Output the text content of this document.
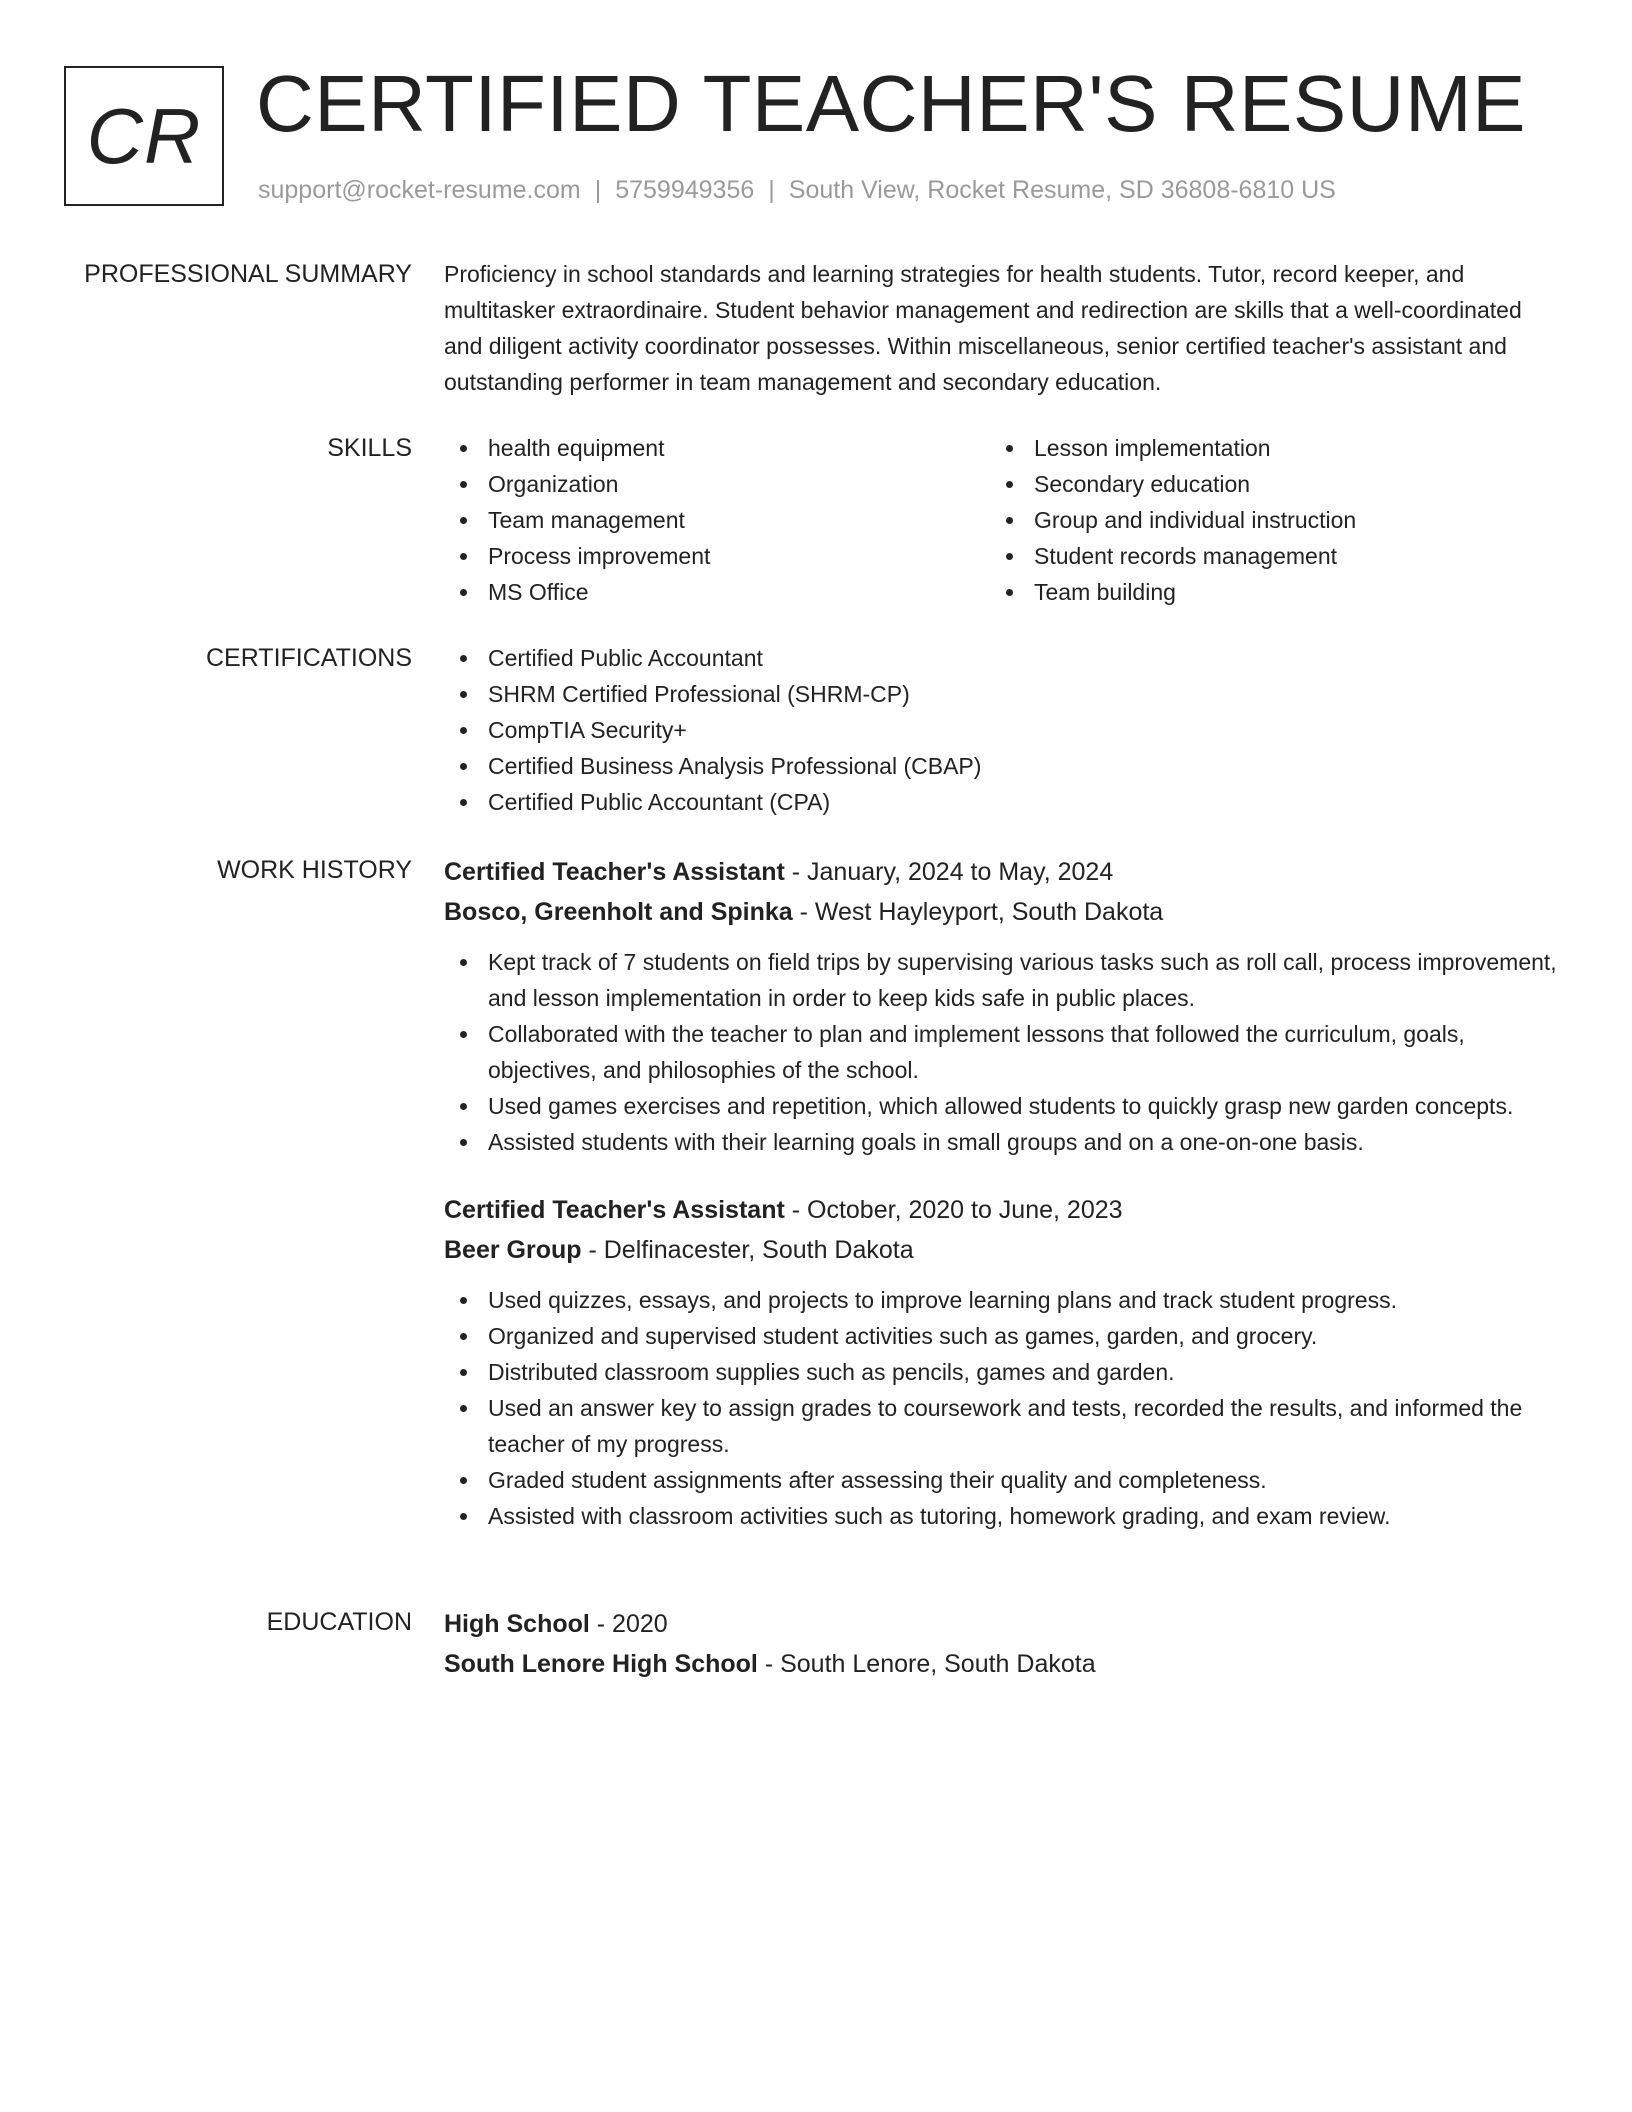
CR CERTIFIED TEACHER'S RESUME
support@rocket-resume.com | 5759949356 | South View, Rocket Resume, SD 36808-6810 US
PROFESSIONAL SUMMARY Proficiency in school standards and learning strategies for health students. Tutor, record keeper, and multitasker extraordinaire. Student behavior management and redirection are skills that a well-coordinated and diligent activity coordinator possesses. Within miscellaneous, senior certified teacher's assistant and outstanding performer in team management and secondary education.

SKILLS	health equipment
Organization
Team management
Process improvement
MS Office
Lesson implementation
Secondary education
Group and individual instruction
Student records management
Team building
CERTIFICATIONS	Certified Public Accountant
SHRM Certified Professional (SHRM-CP)
CompTIA Security+
Certified Business Analysis Professional (CBAP)
Certified Public Accountant (CPA)
WORK HISTORY Certified Teacher's Assistant - January, 2024 to May, 2024
Bosco, Greenholt and Spinka - West Hayleyport, South Dakota
Kept track of 7 students on field trips by supervising various tasks such as roll call, process improvement, and lesson implementation in order to keep kids safe in public places.
Collaborated with the teacher to plan and implement lessons that followed the curriculum, goals, objectives, and philosophies of the school.
Used games exercises and repetition, which allowed students to quickly grasp new garden concepts.
Assisted students with their learning goals in small groups and on a one-on-one basis.
Certified Teacher's Assistant - October, 2020 to June, 2023
Beer Group - Delfinacester, South Dakota
Used quizzes, essays, and projects to improve learning plans and track student progress.
Organized and supervised student activities such as games, garden, and grocery.
Distributed classroom supplies such as pencils, games and garden.
Used an answer key to assign grades to coursework and tests, recorded the results, and informed the teacher of my progress.
Graded student assignments after assessing their quality and completeness.
Assisted with classroom activities such as tutoring, homework grading, and exam review.
EDUCATION High School - 2020
South Lenore High School - South Lenore, South Dakota
